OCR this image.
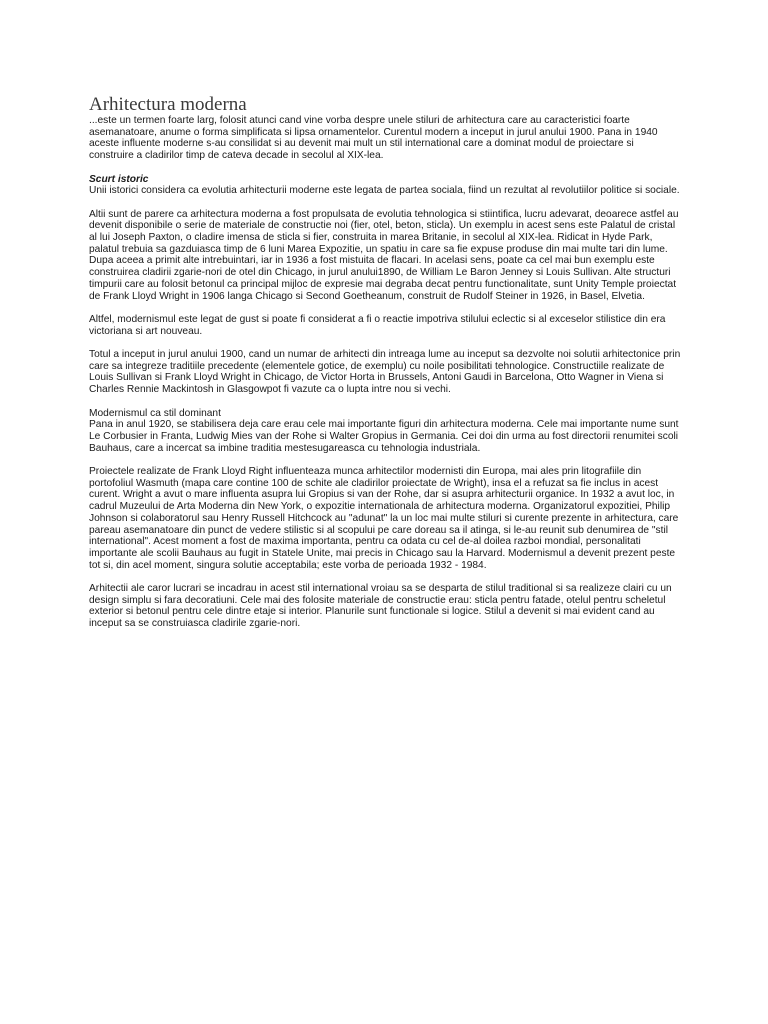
Arhitectura moderna

...este un termen foarte larg, folosit atunci cand vine vorba despre unele stiluri de arhitectura care au caracteristici foarte asemanatoare, anume o forma simplificata si lipsa ornamentelor. Curentul modern a inceput in jurul anului 1900. Pana in 1940 aceste influente moderne s-au consilidat si au devenit mai mult un stil international care a dominat modul de proiectare si construire a cladirilor timp de cateva decade in secolul al XIX-lea.

Scurt istoric
Unii istorici considera ca evolutia arhitecturii moderne este legata de partea sociala, fiind un rezultat al revolutiilor politice si sociale.

Altii sunt de parere ca arhitectura moderna a fost propulsata de evolutia tehnologica si stiintifica, lucru adevarat, deoarece astfel au devenit disponibile o serie de materiale de constructie noi (fier, otel, beton, sticla). Un exemplu in acest sens este Palatul de cristal al lui Joseph Paxton, o cladire imensa de sticla si fier, construita in marea Britanie, in secolul al XIX-lea. Ridicat in Hyde Park, palatul trebuia sa gazduiasca timp de 6 luni Marea Expozitie, un spatiu in care sa fie expuse produse din mai multe tari din lume. Dupa aceea a primit alte intrebuintari, iar in 1936 a fost mistuita de flacari. In acelasi sens, poate ca cel mai bun exemplu este construirea cladirii zgarie-nori de otel din Chicago, in jurul anului1890, de William Le Baron Jenney si Louis Sullivan. Alte structuri timpurii care au folosit betonul ca principal mijloc de expresie mai degraba decat pentru functionalitate, sunt Unity Temple proiectat de Frank Lloyd Wright in 1906 langa Chicago si Second Goetheanum, construit de Rudolf Steiner in 1926, in Basel, Elvetia.

Altfel, modernismul este legat de gust si poate fi considerat a fi o reactie impotriva stilului eclectic si al exceselor stilistice din era victoriana si art nouveau.

Totul a inceput in jurul anului 1900, cand un numar de arhitecti din intreaga lume au inceput sa dezvolte noi solutii arhitectonice prin care sa integreze traditiile precedente (elementele gotice, de exemplu) cu noile posibilitati tehnologice. Constructiile realizate de Louis Sullivan si Frank Lloyd Wright in Chicago, de Victor Horta in Brussels, Antoni Gaudi in Barcelona, Otto Wagner in Viena si Charles Rennie Mackintosh in Glasgowpot fi vazute ca o lupta intre nou si vechi.

Modernismul ca stil dominant
Pana in anul 1920, se stabilisera deja care erau cele mai importante figuri din arhitectura moderna. Cele mai importante nume sunt Le Corbusier in Franta, Ludwig Mies van der Rohe si Walter Gropius in Germania. Cei doi din urma au fost directorii renumitei scoli Bauhaus, care a incercat sa imbine traditia mestesugareasca cu tehnologia industriala.

Proiectele realizate de Frank Lloyd Right influenteaza munca arhitectilor modernisti din Europa, mai ales prin litografiile din portofoliul Wasmuth (mapa care contine 100 de schite ale cladirilor proiectate de Wright), insa el a refuzat sa fie inclus in acest curent. Wright a avut o mare influenta asupra lui Gropius si van der Rohe, dar si asupra arhitecturii organice. In 1932 a avut loc, in cadrul Muzeului de Arta Moderna din New York, o expozitie internationala de arhitectura moderna. Organizatorul expozitiei, Philip Johnson si colaboratorul sau Henry Russell Hitchcock au "adunat" la un loc mai multe stiluri si curente prezente in arhitectura, care pareau asemanatoare din punct de vedere stilistic si al scopului pe care doreau sa il atinga, si le-au reunit sub denumirea de "stil international". Acest moment a fost de maxima importanta, pentru ca odata cu cel de-al doilea razboi mondial, personalitati importante ale scolii Bauhaus au fugit in Statele Unite, mai precis in Chicago sau la Harvard. Modernismul a devenit prezent peste tot si, din acel moment, singura solutie acceptabila; este vorba de perioada 1932 - 1984.

Arhitectii ale caror lucrari se incadrau in acest stil international vroiau sa se desparta de stilul traditional si sa realizeze clairi cu un design simplu si fara decoratiuni. Cele mai des folosite materiale de constructie erau: sticla pentru fatade, otelul pentru scheletul exterior si betonul pentru cele dintre etaje si interior. Planurile sunt functionale si logice. Stilul a devenit si mai evident cand au inceput sa se construiasca cladirile zgarie-nori.
